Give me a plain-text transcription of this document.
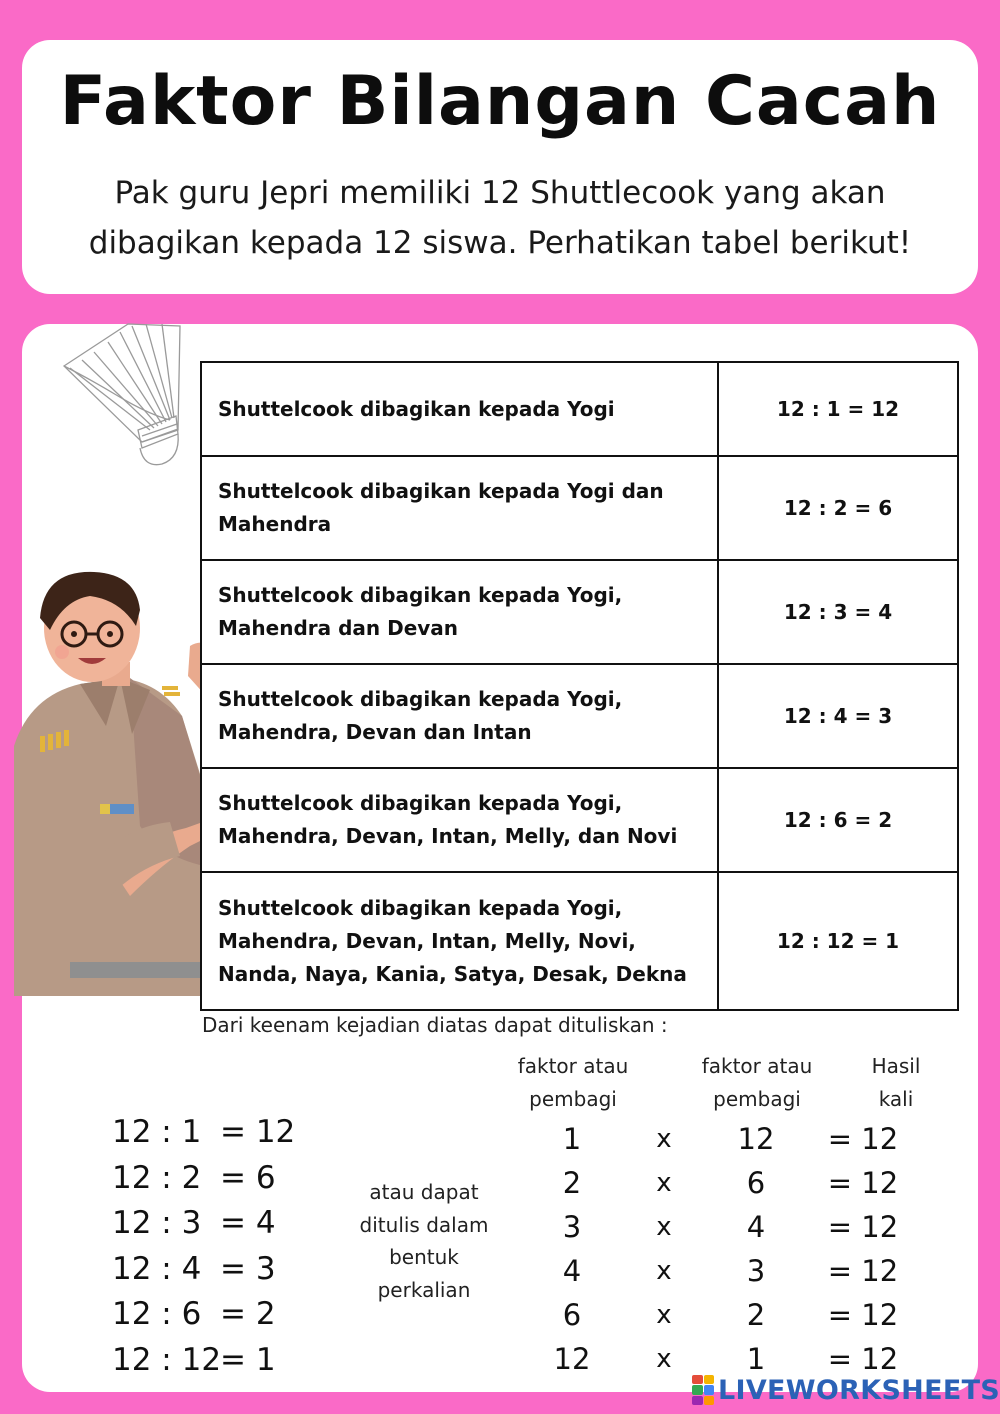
Faktor Bilangan Cacah
Pak guru Jepri memiliki 12 Shuttlecook yang akan
dibagikan kepada 12 siswa. Perhatikan tabel berikut!
Shuttelcook dibagikan kepada Yogi	12 : 1 = 12

Shuttelcook dibagikan kepada Yogi dan
Mahendra	12 : 2 = 6

Shuttelcook dibagikan kepada Yogi,
Mahendra dan Devan	12 : 3 = 4

Shuttelcook dibagikan kepada Yogi,
Mahendra, Devan dan Intan	12 : 4 = 3

Shuttelcook dibagikan kepada Yogi,
Mahendra, Devan, Intan, Melly, dan Novi	12 : 6 = 2

Shuttelcook dibagikan kepada Yogi,
Mahendra, Devan, Intan, Melly, Novi,
Nanda, Naya, Kania, Satya, Desak, Dekna	12 : 12 = 1
Dari keenam kejadian diatas dapat dituliskan :
12 : 1 = 12
12 : 2 = 6
12 : 3 = 4
12 : 4 = 3
12 : 6 = 2
12 : 12
= 1
atau dapat
ditulis dalam
bentuk
perkalian
faktor atau
pembagi
faktor atau
pembagi
Hasil
kali
1	x	12	= 12
2	x	6	= 12
3	x	4	= 12
4	x	3	= 12
6	x	2	= 12
12	x	1	= 12
LIVEWORKSHEETS
